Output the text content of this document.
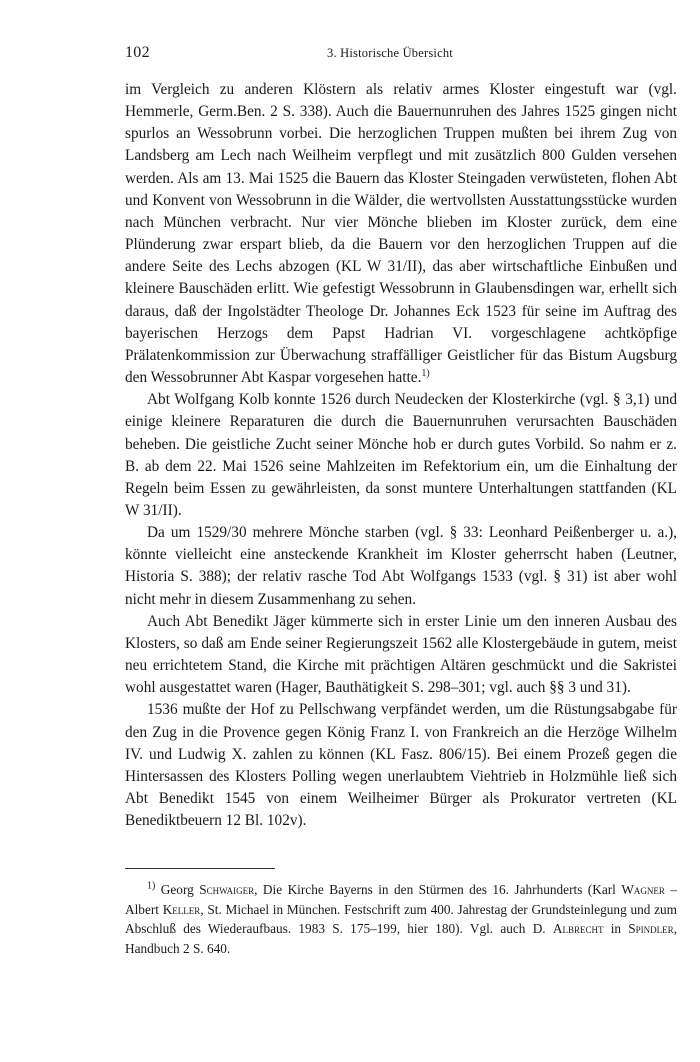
102	3. Historische Übersicht

im Vergleich zu anderen Klöstern als relativ armes Kloster eingestuft war (vgl. Hemmerle, Germ.Ben. 2 S. 338). Auch die Bauernunruhen des Jahres 1525 gingen nicht spurlos an Wessobrunn vorbei. Die herzoglichen Truppen mußten bei ihrem Zug von Landsberg am Lech nach Weilheim verpflegt und mit zusätzlich 800 Gulden versehen werden. Als am 13. Mai 1525 die Bauern das Kloster Steingaden verwüsteten, flohen Abt und Konvent von Wessobrunn in die Wälder, die wertvollsten Ausstattungsstücke wurden nach München verbracht. Nur vier Mönche blieben im Kloster zurück, dem eine Plünderung zwar erspart blieb, da die Bauern vor den herzoglichen Truppen auf die andere Seite des Lechs abzogen (KL W 31/II), das aber wirtschaftliche Einbußen und kleinere Bauschäden erlitt. Wie gefestigt Wessobrunn in Glaubensdingen war, erhellt sich daraus, daß der Ingolstädter Theologe Dr. Johannes Eck 1523 für seine im Auftrag des bayerischen Herzogs dem Papst Hadrian VI. vorgeschlagene achtköpfige Prälatenkommission zur Überwachung straffälliger Geistlicher für das Bistum Augsburg den Wessobrunner Abt Kaspar vorgesehen hatte.$^{1)}$

Abt Wolfgang Kolb konnte 1526 durch Neudecken der Klosterkirche (vgl. § 3,1) und einige kleinere Reparaturen die durch die Bauernunruhen verursachten Bauschäden beheben. Die geistliche Zucht seiner Mönche hob er durch gutes Vorbild. So nahm er z. B. ab dem 22. Mai 1526 seine Mahlzeiten im Refektorium ein, um die Einhaltung der Regeln beim Essen zu gewährleisten, da sonst muntere Unterhaltungen stattfanden (KL W 31/II).

Da um 1529/30 mehrere Mönche starben (vgl. § 33: Leonhard Peißenberger u. a.), könnte vielleicht eine ansteckende Krankheit im Kloster geherrscht haben (Leutner, Historia S. 388); der relativ rasche Tod Abt Wolfgangs 1533 (vgl. § 31) ist aber wohl nicht mehr in diesem Zusammenhang zu sehen.

Auch Abt Benedikt Jäger kümmerte sich in erster Linie um den inneren Ausbau des Klosters, so daß am Ende seiner Regierungszeit 1562 alle Klostergebäude in gutem, meist neu errichtetem Stand, die Kirche mit prächtigen Altären geschmückt und die Sakristei wohl ausgestattet waren (Hager, Bauthätigkeit S. 298–301; vgl. auch §§ 3 und 31).

1536 mußte der Hof zu Pellschwang verpfändet werden, um die Rüstungsabgabe für den Zug in die Provence gegen König Franz I. von Frankreich an die Herzöge Wilhelm IV. und Ludwig X. zahlen zu können (KL Fasz. 806/15). Bei einem Prozeß gegen die Hintersassen des Klosters Polling wegen unerlaubtem Viehtrieb in Holzmühle ließ sich Abt Benedikt 1545 von einem Weilheimer Bürger als Prokurator vertreten (KL Benediktbeuern 12 Bl. 102v).

$^{1)}$ Georg Schwaiger, Die Kirche Bayerns in den Stürmen des 16. Jahrhunderts (Karl Wagner – Albert Keller, St. Michael in München. Festschrift zum 400. Jahrestag der Grundsteinlegung und zum Abschluß des Wiederaufbaus. 1983 S. 175–199, hier 180). Vgl. auch D. Albrecht in Spindler, Handbuch 2 S. 640.
